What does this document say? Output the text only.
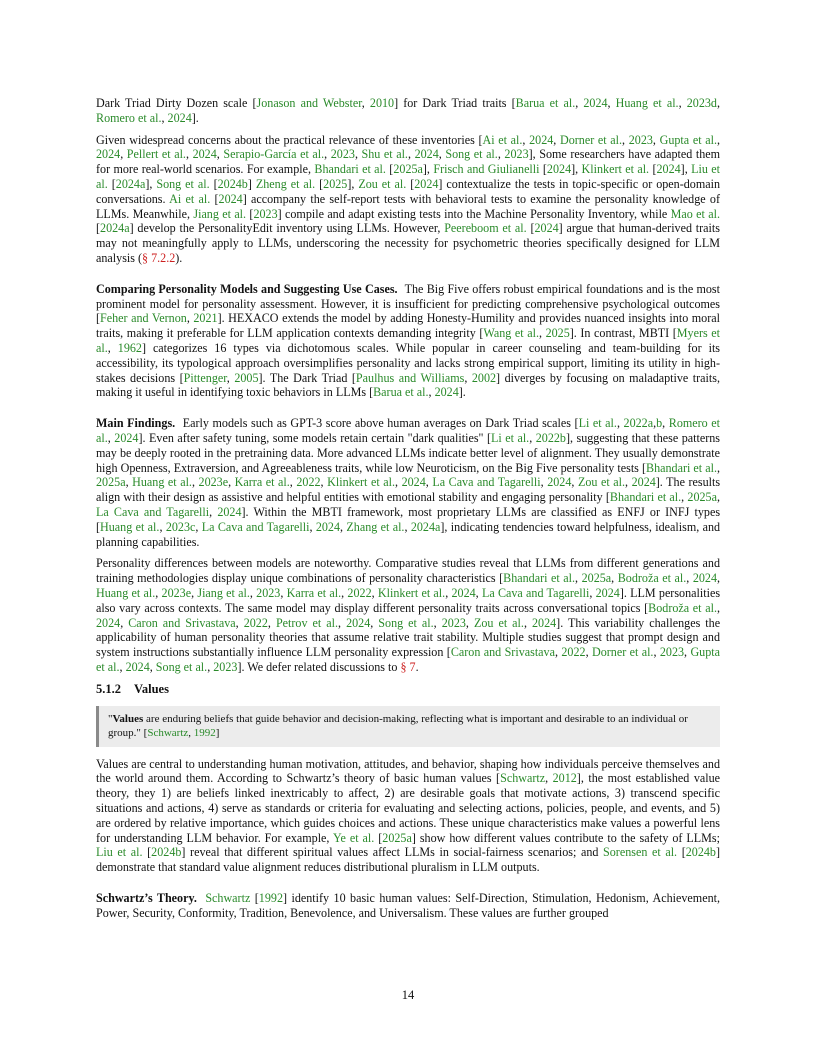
Dark Triad Dirty Dozen scale [Jonason and Webster, 2010] for Dark Triad traits [Barua et al., 2024, Huang et al., 2023d, Romero et al., 2024].

Given widespread concerns about the practical relevance of these inventories [Ai et al., 2024, Dorner et al., 2023, Gupta et al., 2024, Pellert et al., 2024, Serapio-García et al., 2023, Shu et al., 2024, Song et al., 2023], Some researchers have adapted them for more real-world scenarios. For example, Bhandari et al. [2025a], Frisch and Giulianelli [2024], Klinkert et al. [2024], Liu et al. [2024a], Song et al. [2024b] Zheng et al. [2025], Zou et al. [2024] contextualize the tests in topic-specific or open-domain conversations. Ai et al. [2024] accompany the self-report tests with behavioral tests to examine the personality knowledge of LLMs. Meanwhile, Jiang et al. [2023] compile and adapt existing tests into the Machine Personality Inventory, while Mao et al. [2024a] develop the PersonalityEdit inventory using LLMs. However, Peereboom et al. [2024] argue that human-derived traits may not meaningfully apply to LLMs, underscoring the necessity for psychometric theories specifically designed for LLM analysis (§ 7.2.2).

Comparing Personality Models and Suggesting Use Cases. The Big Five offers robust empirical foundations and is the most prominent model for personality assessment. However, it is insufficient for predicting comprehensive psychological outcomes [Feher and Vernon, 2021]. HEXACO extends the model by adding Honesty-Humility and provides nuanced insights into moral traits, making it preferable for LLM application contexts demanding integrity [Wang et al., 2025]. In contrast, MBTI [Myers et al., 1962] categorizes 16 types via dichotomous scales. While popular in career counseling and team-building for its accessibility, its typological approach oversimplifies personality and lacks strong empirical support, limiting its utility in high-stakes decisions [Pittenger, 2005]. The Dark Triad [Paulhus and Williams, 2002] diverges by focusing on maladaptive traits, making it useful in identifying toxic behaviors in LLMs [Barua et al., 2024].

Main Findings. Early models such as GPT-3 score above human averages on Dark Triad scales [Li et al., 2022a,b, Romero et al., 2024]. Even after safety tuning, some models retain certain "dark qualities" [Li et al., 2022b], suggesting that these patterns may be deeply rooted in the pretraining data. More advanced LLMs indicate better level of alignment. They usually demonstrate high Openness, Extraversion, and Agreeableness traits, while low Neuroticism, on the Big Five personality tests [Bhandari et al., 2025a, Huang et al., 2023e, Karra et al., 2022, Klinkert et al., 2024, La Cava and Tagarelli, 2024, Zou et al., 2024]. The results align with their design as assistive and helpful entities with emotional stability and engaging personality [Bhandari et al., 2025a, La Cava and Tagarelli, 2024]. Within the MBTI framework, most proprietary LLMs are classified as ENFJ or INFJ types [Huang et al., 2023c, La Cava and Tagarelli, 2024, Zhang et al., 2024a], indicating tendencies toward helpfulness, idealism, and planning capabilities.

Personality differences between models are noteworthy. Comparative studies reveal that LLMs from different generations and training methodologies display unique combinations of personality characteristics [Bhandari et al., 2025a, Bodroža et al., 2024, Huang et al., 2023e, Jiang et al., 2023, Karra et al., 2022, Klinkert et al., 2024, La Cava and Tagarelli, 2024]. LLM personalities also vary across contexts. The same model may display different personality traits across conversational topics [Bodroža et al., 2024, Caron and Srivastava, 2022, Petrov et al., 2024, Song et al., 2023, Zou et al., 2024]. This variability challenges the applicability of human personality theories that assume relative trait stability. Multiple studies suggest that prompt design and system instructions substantially influence LLM personality expression [Caron and Srivastava, 2022, Dorner et al., 2023, Gupta et al., 2024, Song et al., 2023]. We defer related discussions to § 7.

5.1.2 Values
"Values are enduring beliefs that guide behavior and decision-making, reflecting what is important and desirable to an individual or group." [Schwartz, 1992]

Values are central to understanding human motivation, attitudes, and behavior, shaping how individuals perceive themselves and the world around them. According to Schwartz’s theory of basic human values [Schwartz, 2012], the most established value theory, they 1) are beliefs linked inextricably to affect, 2) are desirable goals that motivate actions, 3) transcend specific situations and actions, 4) serve as standards or criteria for evaluating and selecting actions, policies, people, and events, and 5) are ordered by relative importance, which guides choices and actions. These unique characteristics make values a powerful lens for understanding LLM behavior. For example, Ye et al. [2025a] show how different values contribute to the safety of LLMs; Liu et al. [2024b] reveal that different spiritual values affect LLMs in social-fairness scenarios; and Sorensen et al. [2024b] demonstrate that standard value alignment reduces distributional pluralism in LLM outputs.

Schwartz’s Theory. Schwartz [1992] identify 10 basic human values: Self-Direction, Stimulation, Hedonism, Achievement, Power, Security, Conformity, Tradition, Benevolence, and Universalism. These values are further grouped

14
